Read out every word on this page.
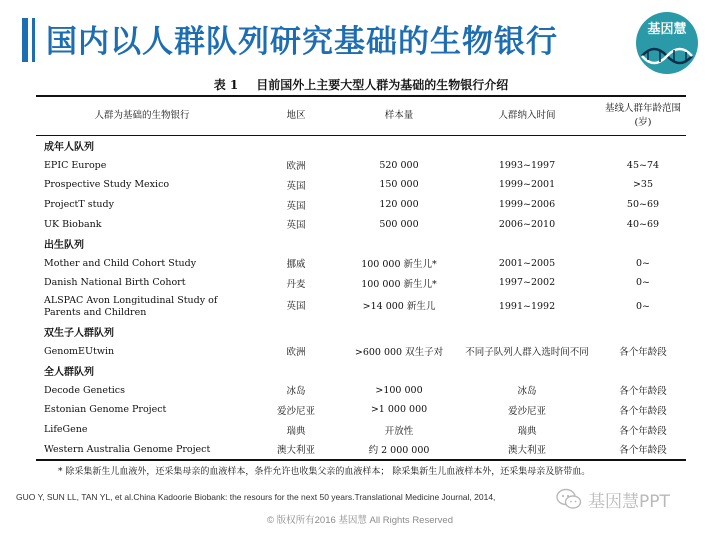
国内以人群队列研究基础的生物银行	基因慧
表 1 目前国外上主要大型人群为基础的生物银行介绍
人群为基础的生物银行	地区	样本量	人群纳入时间	基线人群年龄范围(岁)
成年人队列				
EPIC Europe	欧洲	520 000	1993~1997	45~74
Prospective Study Mexico	英国	150 000	1999~2001	>35
ProjectT study	英国	120 000	1999~2006	50~69
UK Biobank	英国	500 000	2006~2010	40~69
出生队列				
Mother and Child Cohort Study	挪威	100 000 新生儿*	2001~2005	0~
Danish National Birth Cohort	丹麦	100 000 新生儿*	1997~2002	0~
ALSPAC Avon Longitudinal Study of Parents and Children	英国	>14 000 新生儿	1991~1992	0~
双生子人群队列				
GenomEUtwin	欧洲	>600 000 双生子对	不同子队列人群入选时间不同	各个年龄段
全人群队列				
Decode Genetics	冰岛	>100 000	冰岛	各个年龄段
Estonian Genome Project	爱沙尼亚	>1 000 000	爱沙尼亚	各个年龄段
LifeGene	瑞典	开放性	瑞典	各个年龄段
Western Australia Genome Project	澳大利亚	约 2 000 000	澳大利亚	各个年龄段
* 除采集新生儿血液外，还采集母亲的血液样本，条件允许也收集父亲的血液样本； 除采集新生儿血液样本外，还采集母亲及脐带血。
GUO Y, SUN LL, TAN YL, et al.China Kadoorie Biobank: the resours for the next 50 years.Translational Medicine Journal, 2014,	基因慧PPT
© 版权所有2016 基因慧 All Rights Reserved
